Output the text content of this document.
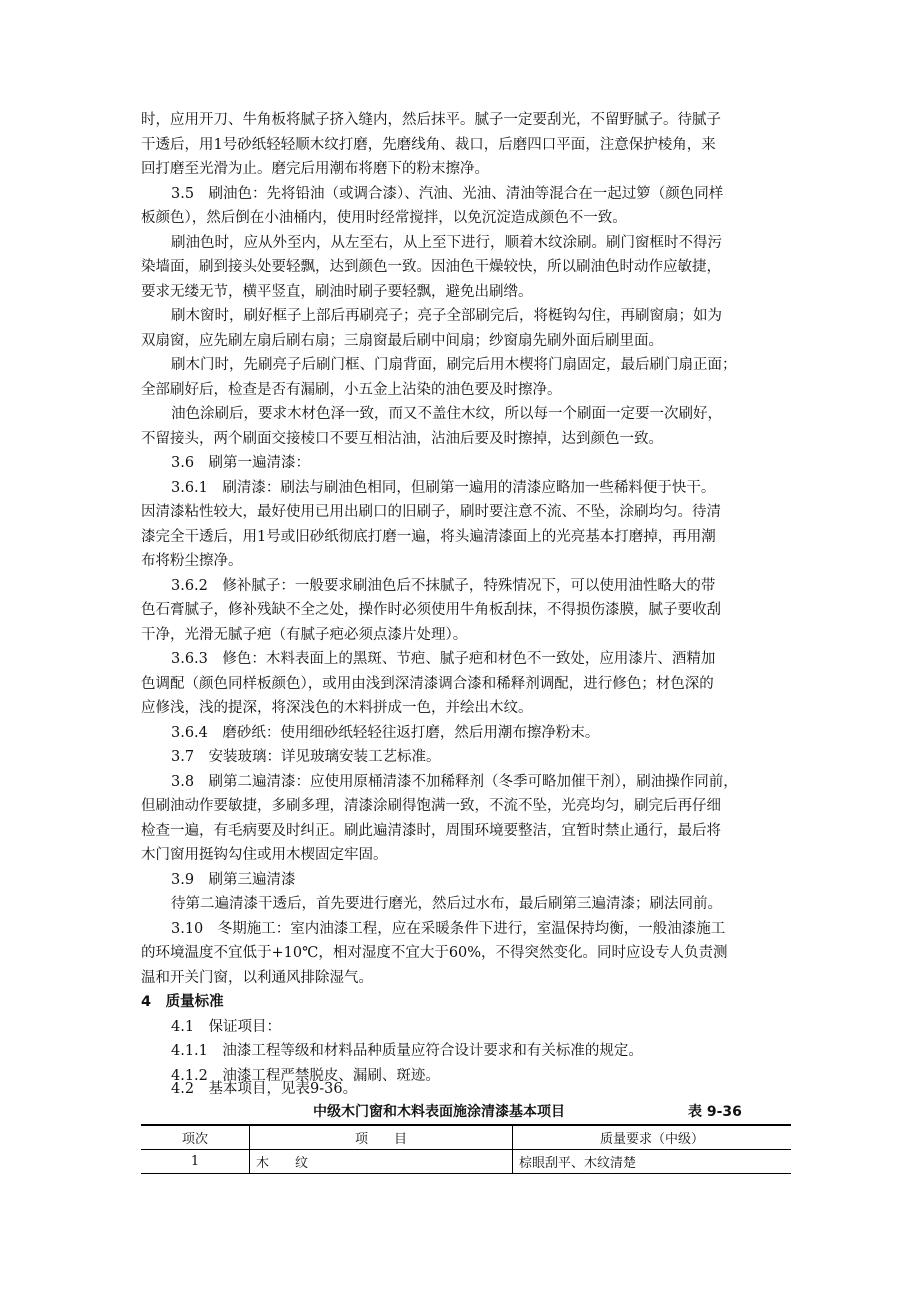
时，应用开刀、牛角板将腻子挤入缝内，然后抹平。腻子一定要刮光，不留野腻子。待腻子
干透后，用1号砂纸轻轻顺木纹打磨，先磨线角、裁口，后磨四口平面，注意保护棱角，来
回打磨至光滑为止。磨完后用潮布将磨下的粉末擦净。

3.5　刷油色：先将铅油（或调合漆）、汽油、光油、清油等混合在一起过箩（颜色同样
板颜色），然后倒在小油桶内，使用时经常搅拌，以免沉淀造成颜色不一致。

刷油色时，应从外至内，从左至右，从上至下进行，顺着木纹涂刷。刷门窗框时不得污
染墙面，刷到接头处要轻飘，达到颜色一致。因油色干燥较快，所以刷油色时动作应敏捷，
要求无缕无节，横平竖直，刷油时刷子要轻飘，避免出刷绺。

刷木窗时，刷好框子上部后再刷亮子；亮子全部刷完后，将梃钩勾住，再刷窗扇；如为
双扇窗，应先刷左扇后刷右扇；三扇窗最后刷中间扇；纱窗扇先刷外面后刷里面。

刷木门时，先刷亮子后刷门框、门扇背面，刷完后用木楔将门扇固定，最后刷门扇正面；
全部刷好后，检查是否有漏刷，小五金上沾染的油色要及时擦净。

油色涂刷后，要求木材色泽一致，而又不盖住木纹，所以每一个刷面一定要一次刷好，
不留接头，两个刷面交接棱口不要互相沾油，沾油后要及时擦掉，达到颜色一致。

3.6　刷第一遍清漆：

3.6.1　刷清漆：刷法与刷油色相同，但刷第一遍用的清漆应略加一些稀料便于快干。
因清漆粘性较大，最好使用已用出刷口的旧刷子，刷时要注意不流、不坠，涂刷均匀。待清
漆完全干透后，用1号或旧砂纸彻底打磨一遍，将头遍清漆面上的光亮基本打磨掉，再用潮
布将粉尘擦净。

3.6.2　修补腻子：一般要求刷油色后不抹腻子，特殊情况下，可以使用油性略大的带
色石膏腻子，修补残缺不全之处，操作时必须使用牛角板刮抹，不得损伤漆膜，腻子要收刮
干净，光滑无腻子疤（有腻子疤必须点漆片处理）。

3.6.3　修色：木料表面上的黑斑、节疤、腻子疤和材色不一致处，应用漆片、酒精加
色调配（颜色同样板颜色），或用由浅到深清漆调合漆和稀释剂调配，进行修色；材色深的
应修浅，浅的提深，将深浅色的木料拼成一色，并绘出木纹。

3.6.4　磨砂纸：使用细砂纸轻轻往返打磨，然后用潮布擦净粉末。

3.7　安装玻璃：详见玻璃安装工艺标准。

3.8　刷第二遍清漆：应使用原桶清漆不加稀释剂（冬季可略加催干剂），刷油操作同前，
但刷油动作要敏捷，多刷多理，清漆涂刷得饱满一致，不流不坠，光亮均匀，刷完后再仔细
检查一遍，有毛病要及时纠正。刷此遍清漆时，周围环境要整洁，宜暂时禁止通行，最后将
木门窗用挺钩勾住或用木楔固定牢固。

3.9　刷第三遍清漆

待第二遍清漆干透后，首先要进行磨光，然后过水布，最后刷第三遍清漆；刷法同前。

3.10　冬期施工：室内油漆工程，应在采暖条件下进行，室温保持均衡，一般油漆施工
的环境温度不宜低于+10℃，相对湿度不宜大于60%，不得突然变化。同时应设专人负责测
温和开关门窗，以利通风排除湿气。

4　质量标准

4.1　保证项目：

4.1.1　油漆工程等级和材料品种质量应符合设计要求和有关标准的规定。

4.1.2　油漆工程严禁脱皮、漏刷、斑迹。

4.2　基本项目，见表9-36。

中级木门窗和木料表面施涂清漆基本项目	表 9-36
项次	项　　目	质量要求（中级）
1	木　　纹	棕眼刮平、木纹清楚
